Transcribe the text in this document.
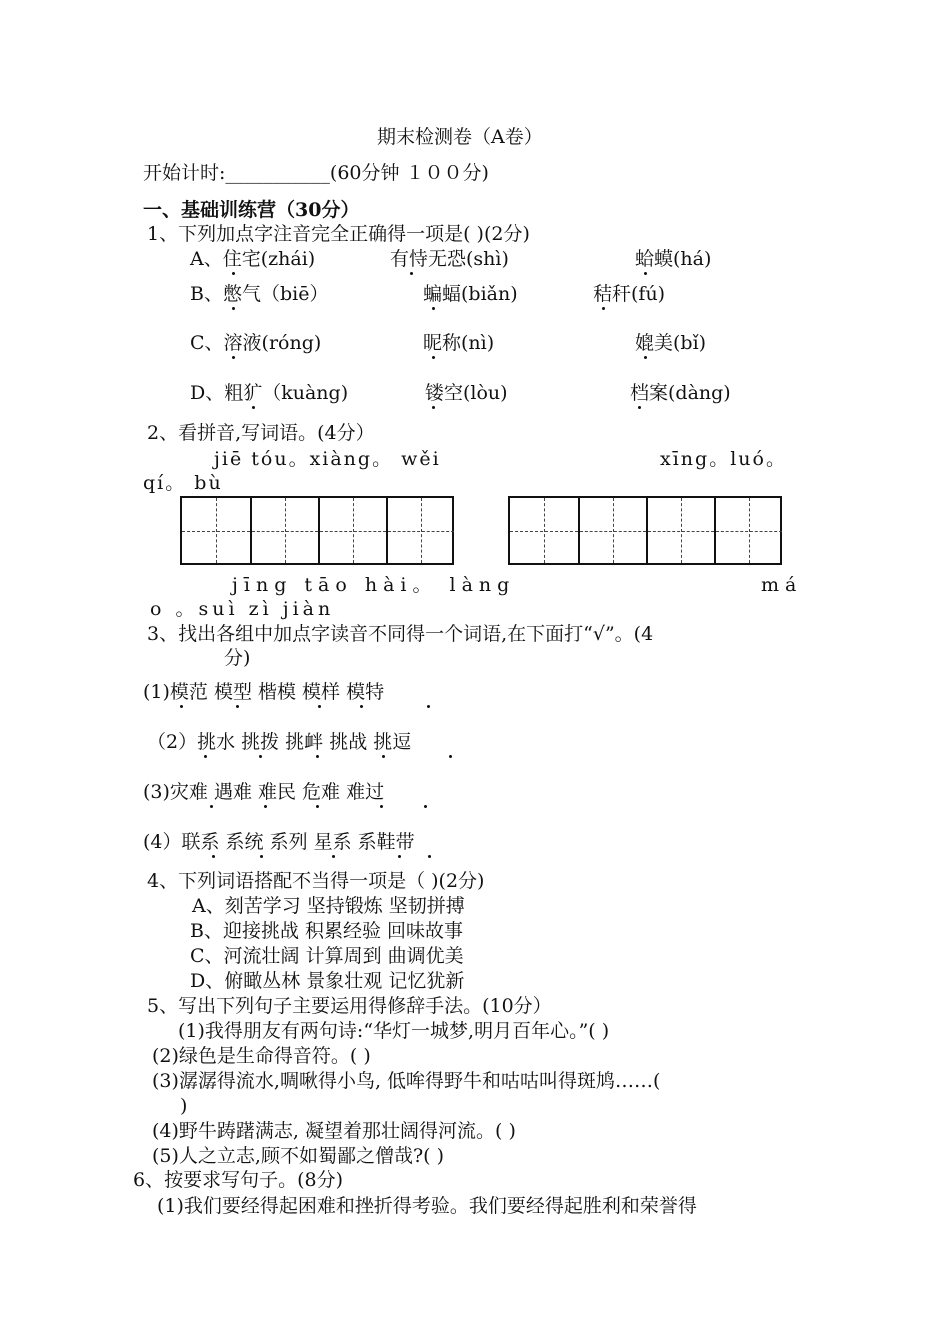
期末检测卷（A卷）
开始计时:___________(60分钟 １００分)
一、基础训练营（30分）
1、下列加点字注音完全正确得一项是( )(2分)
A、住宅(zhái)	有恃无恐(shì)	蛤蟆(há)
B、憋气（biē）	蝙蝠(biǎn)	秸秆(fú)
C、溶液(róng)	昵称(nì)	媲美(bǐ)
D、粗犷（kuàng)	镂空(lòu)	档案(dàng)
2、看拼音,写词语。(4分）
jiē tóu。xiàng。 wěi	xīng。luó。
qí。 bù
jīng tāo hài。 làng	má
o 。suì zì jiàn
3、找出各组中加点字读音不同得一个词语,在下面打“√”。(4
分)
(1)模范 模型 楷模 模样 模特
（2）挑水 挑拨 挑衅 挑战 挑逗
(3)灾难 遇难 难民 危难 难过
(4）联系 系统 系列 星系 系鞋带
4、下列词语搭配不当得一项是（ )(2分)
A、刻苦学习 坚持锻炼 坚韧拼搏
B、迎接挑战 积累经验 回味故事
C、河流壮阔 计算周到 曲调优美
D、俯瞰丛林 景象壮观 记忆犹新
5、写出下列句子主要运用得修辞手法。(10分）
(1)我得朋友有两句诗:“华灯一城梦,明月百年心。”( )
(2)绿色是生命得音符。( )
(3)潺潺得流水,啁啾得小鸟, 低哞得野牛和咕咕叫得斑鸠……(
)
(4)野牛踌躇满志, 凝望着那壮阔得河流。( )
(5)人之立志,顾不如蜀鄙之僧哉?( )
6、按要求写句子。(8分)
(1)我们要经得起困难和挫折得考验。我们要经得起胜利和荣誉得
